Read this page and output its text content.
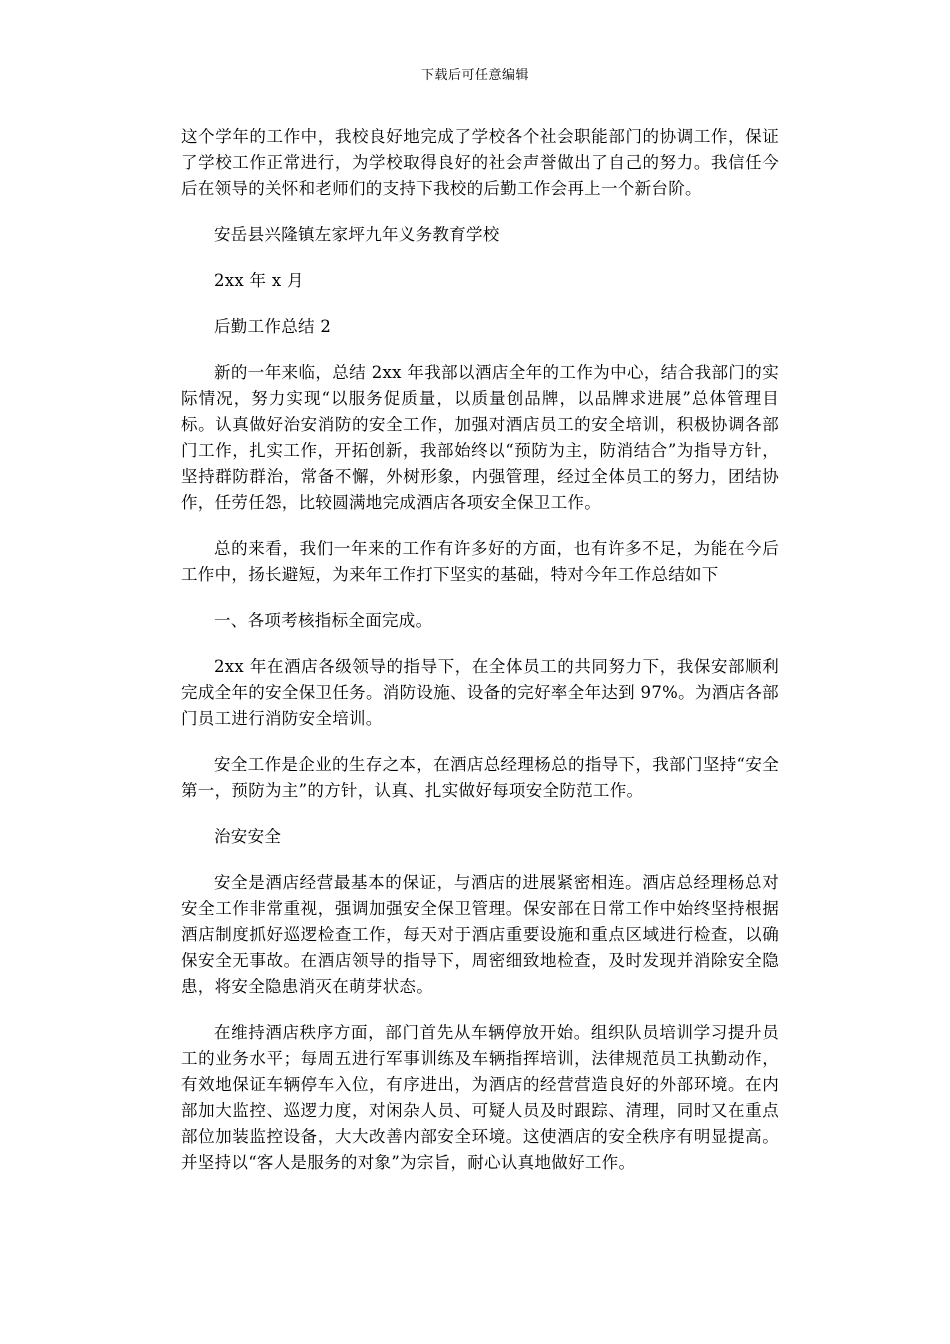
下载后可任意编辑

这个学年的工作中，我校良好地完成了学校各个社会职能部门的协调工作，保证了学校工作正常进行，为学校取得良好的社会声誉做出了自己的努力。我信任今后在领导的关怀和老师们的支持下我校的后勤工作会再上一个新台阶。

安岳县兴隆镇左家坪九年义务教育学校

2xx 年 x 月

后勤工作总结 2

新的一年来临，总结 2xx 年我部以酒店全年的工作为中心，结合我部门的实际情况，努力实现“以服务促质量，以质量创品牌，以品牌求进展”总体管理目标。认真做好治安消防的安全工作，加强对酒店员工的安全培训，积极协调各部门工作，扎实工作，开拓创新，我部始终以“预防为主，防消结合”为指导方针，坚持群防群治，常备不懈，外树形象，内强管理，经过全体员工的努力，团结协作，任劳任怨，比较圆满地完成酒店各项安全保卫工作。

总的来看，我们一年来的工作有许多好的方面，也有许多不足，为能在今后工作中，扬长避短，为来年工作打下坚实的基础，特对今年工作总结如下

一、各项考核指标全面完成。

2xx 年在酒店各级领导的指导下，在全体员工的共同努力下，我保安部顺利完成全年的安全保卫任务。消防设施、设备的完好率全年达到 97%。为酒店各部门员工进行消防安全培训。

安全工作是企业的生存之本，在酒店总经理杨总的指导下，我部门坚持“安全第一，预防为主”的方针，认真、扎实做好每项安全防范工作。

治安安全

安全是酒店经营最基本的保证，与酒店的进展紧密相连。酒店总经理杨总对安全工作非常重视，强调加强安全保卫管理。保安部在日常工作中始终坚持根据酒店制度抓好巡逻检查工作，每天对于酒店重要设施和重点区域进行检查，以确保安全无事故。在酒店领导的指导下，周密细致地检查，及时发现并消除安全隐患，将安全隐患消灭在萌芽状态。

在维持酒店秩序方面，部门首先从车辆停放开始。组织队员培训学习提升员工的业务水平；每周五进行军事训练及车辆指挥培训，法律规范员工执勤动作，有效地保证车辆停车入位，有序进出，为酒店的经营营造良好的外部环境。在内部加大监控、巡逻力度，对闲杂人员、可疑人员及时跟踪、清理，同时又在重点部位加装监控设备，大大改善内部安全环境。这使酒店的安全秩序有明显提高。并坚持以“客人是服务的对象”为宗旨，耐心认真地做好工作。
